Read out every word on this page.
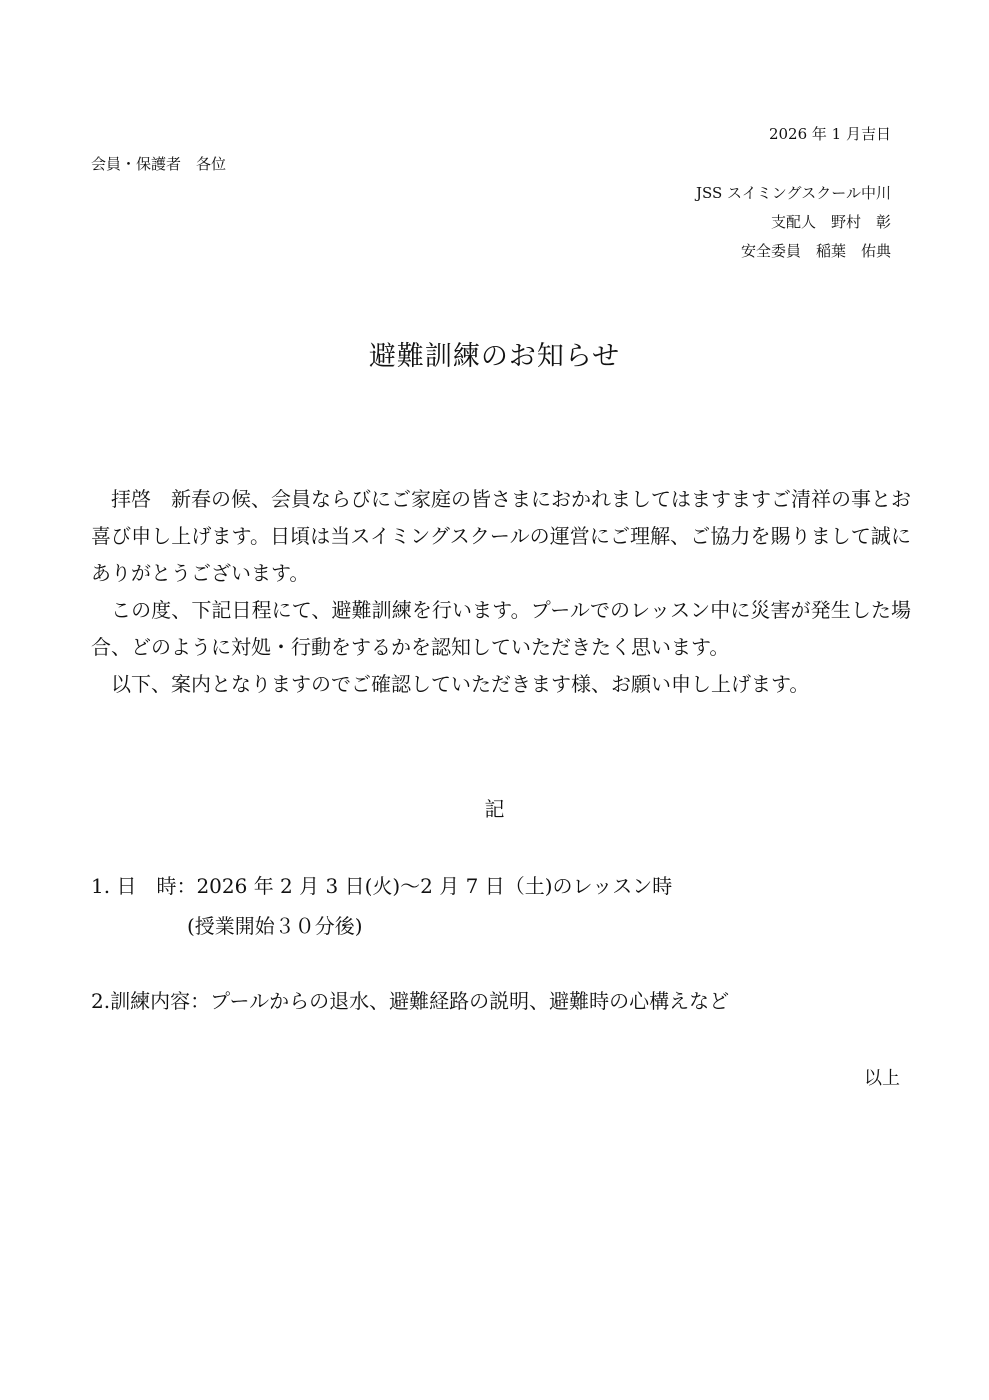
2026 年 1 月吉日
会員・保護者　各位
JSS スイミングスクール中川
支配人　野村　彰
安全委員　稲葉　佑典
避難訓練のお知らせ

拝啓　新春の候、会員ならびにご家庭の皆さまにおかれましてはますますご清祥の事とお喜び申し上げます。日頃は当スイミングスクールの運営にご理解、ご協力を賜りまして誠にありがとうございます。

この度、下記日程にて、避難訓練を行います。プールでのレッスン中に災害が発生した場合、どのように対処・行動をするかを認知していただきたく思います。

以下、案内となりますのでご確認していただきます様、お願い申し上げます。

記
1. 日　時：2026 年 2 月 3 日(火)～2 月 7 日（土)のレッスン時
(授業開始３０分後)
2.訓練内容：プールからの退水、避難経路の説明、避難時の心構えなど
以上
